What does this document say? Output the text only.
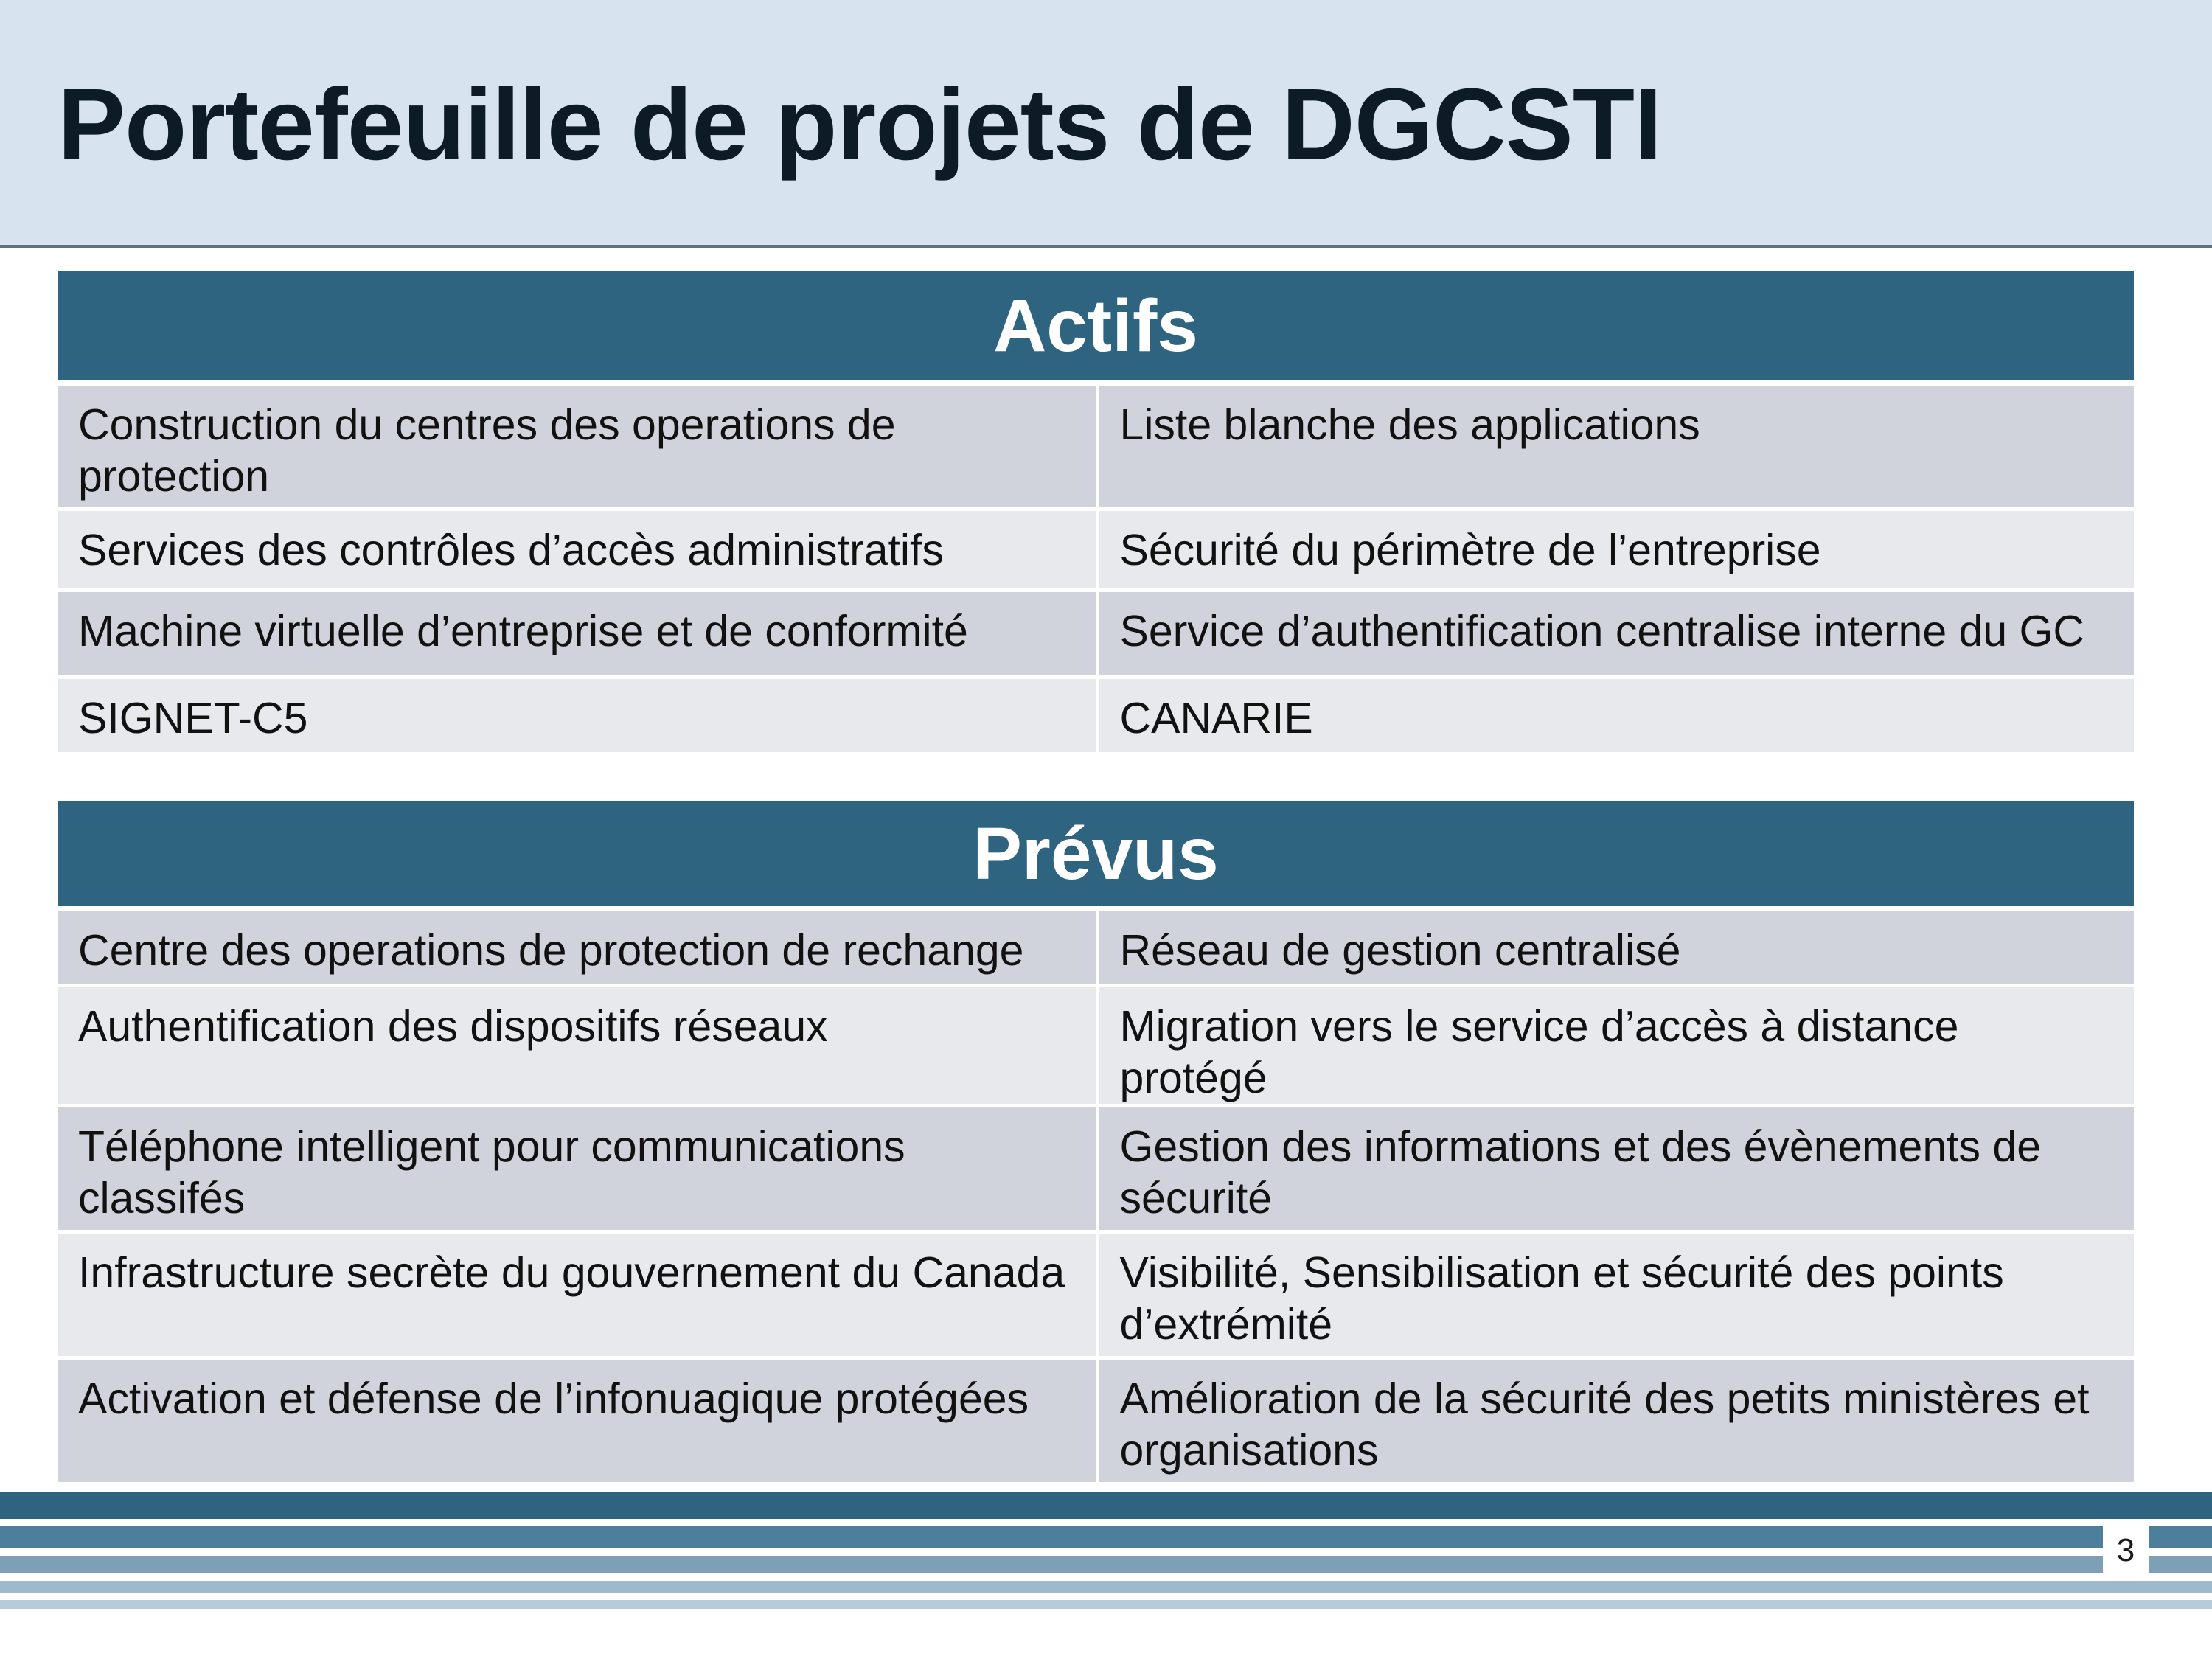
Portefeuille de projets de DGCSTI
Actifs	
Construction du centres des operations de protection	Liste blanche des applications
Services des contrôles d’accès administratifs	Sécurité du périmètre de l’entreprise
Machine virtuelle d’entreprise et de conformité	Service d’authentification centralise interne du GC
SIGNET-C5	CANARIE
Prévus	
Centre des operations de protection de rechange	Réseau de gestion centralisé
Authentification des dispositifs réseaux	Migration vers le service d’accès à distance protégé
Téléphone intelligent pour communications classifés	Gestion des informations et des évènements de sécurité
Infrastructure secrète du gouvernement du Canada	Visibilité, Sensibilisation et sécurité des points d’extrémité
Activation et défense de l’infonuagique protégées	Amélioration de la sécurité des petits ministères et organisations
3
